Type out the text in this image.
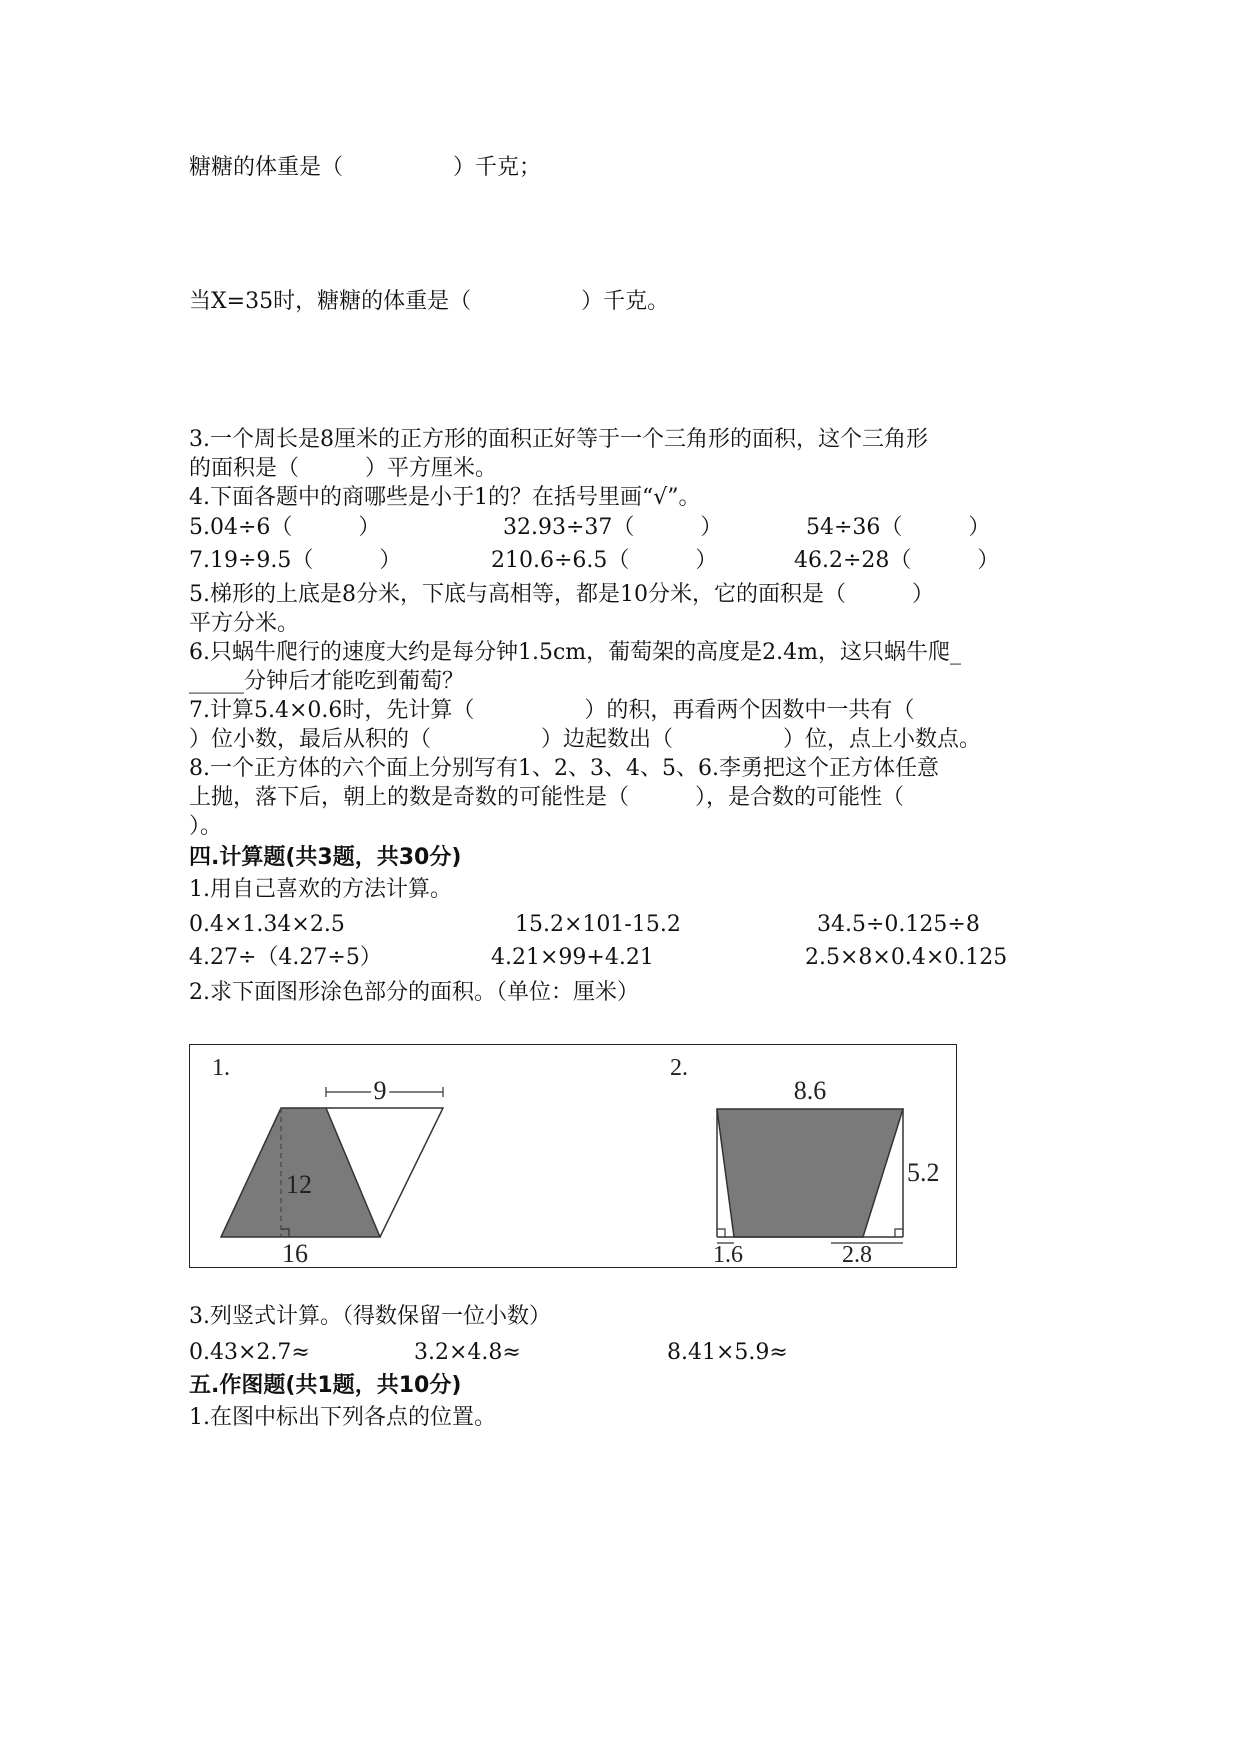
糖糖的体重是（　　　　　）千克；
当X=35时，糖糖的体重是（　　　　　）千克。
3.一个周长是8厘米的正方形的面积正好等于一个三角形的面积，这个三角形
的面积是（　　　）平方厘米。
4.下面各题中的商哪些是小于1的？在括号里画“√”。
5.04÷6（　　　）	32.93÷37（　　　）	54÷36（　　　）
7.19÷9.5（　　　）	210.6÷6.5（　　　）	46.2÷28（　　　）
5.梯形的上底是8分米，下底与高相等，都是10分米，它的面积是（　　　）
平方分米。
6.只蜗牛爬行的速度大约是每分钟1.5cm，葡萄架的高度是2.4m，这只蜗牛爬_
_____分钟后才能吃到葡萄？
7.计算5.4×0.6时，先计算（　　　　　）的积，再看两个因数中一共有（
）位小数，最后从积的（　　　　　）边起数出（　　　　　）位，点上小数点。
8.一个正方体的六个面上分别写有1、2、3、4、5、6.李勇把这个正方体任意
上抛，落下后，朝上的数是奇数的可能性是（　　　），是合数的可能性（
）。
四.计算题(共3题，共30分)
1.用自己喜欢的方法计算。
0.4×1.34×2.5	15.2×101-15.2	34.5÷0.125÷8
4.27÷（4.27÷5）	4.21×99+4.21	2.5×8×0.4×0.125
2.求下面图形涂色部分的面积。（单位：厘米）
1.
9
12
16
2.
8.6
5.2
1.6	2.8
3.列竖式计算。（得数保留一位小数）
0.43×2.7≈	3.2×4.8≈	8.41×5.9≈
五.作图题(共1题，共10分)
1.在图中标出下列各点的位置。
